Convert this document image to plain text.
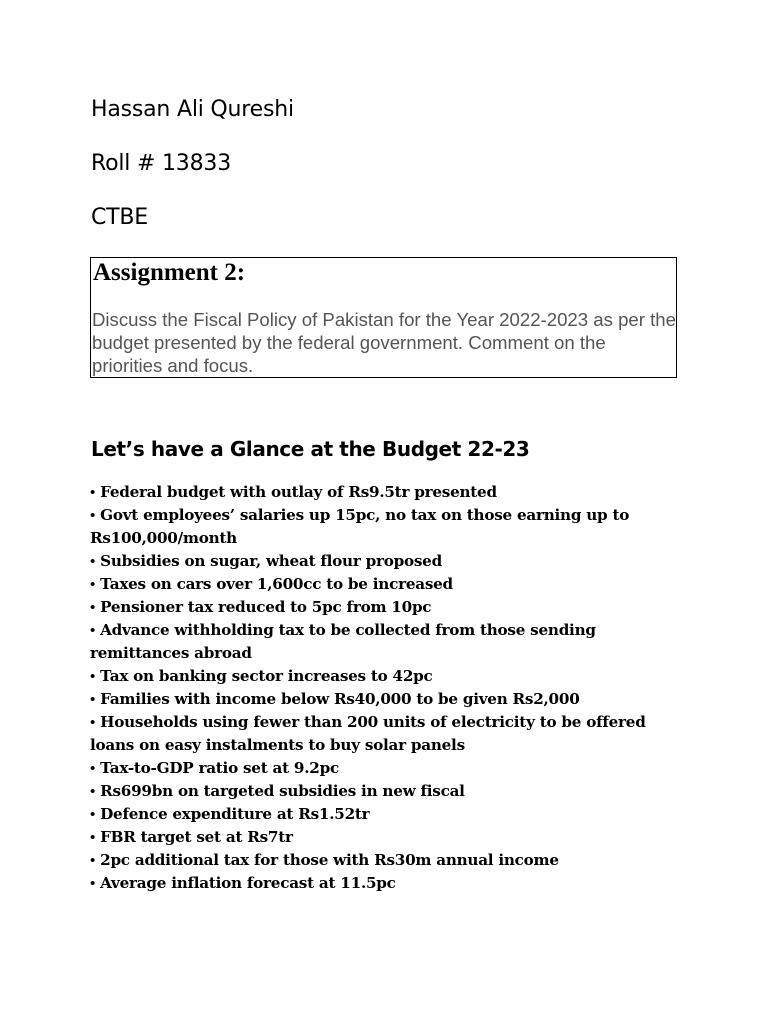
Hassan Ali Qureshi
Roll # 13833
CTBE
Assignment 2:
Discuss the Fiscal Policy of Pakistan for the Year 2022-2023 as per the budget presented by the federal government. Comment on the priorities and focus.
Let’s have a Glance at the Budget 22-23
• Federal budget with outlay of Rs9.5tr presented
• Govt employees’ salaries up 15pc, no tax on those earning up to Rs100,000/month
• Subsidies on sugar, wheat flour proposed
• Taxes on cars over 1,600cc to be increased
• Pensioner tax reduced to 5pc from 10pc
• Advance withholding tax to be collected from those sending remittances abroad
• Tax on banking sector increases to 42pc
• Families with income below Rs40,000 to be given Rs2,000
• Households using fewer than 200 units of electricity to be offered loans on easy instalments to buy solar panels
• Tax-to-GDP ratio set at 9.2pc
• Rs699bn on targeted subsidies in new fiscal
• Defence expenditure at Rs1.52tr
• FBR target set at Rs7tr
• 2pc additional tax for those with Rs30m annual income
• Average inflation forecast at 11.5pc
